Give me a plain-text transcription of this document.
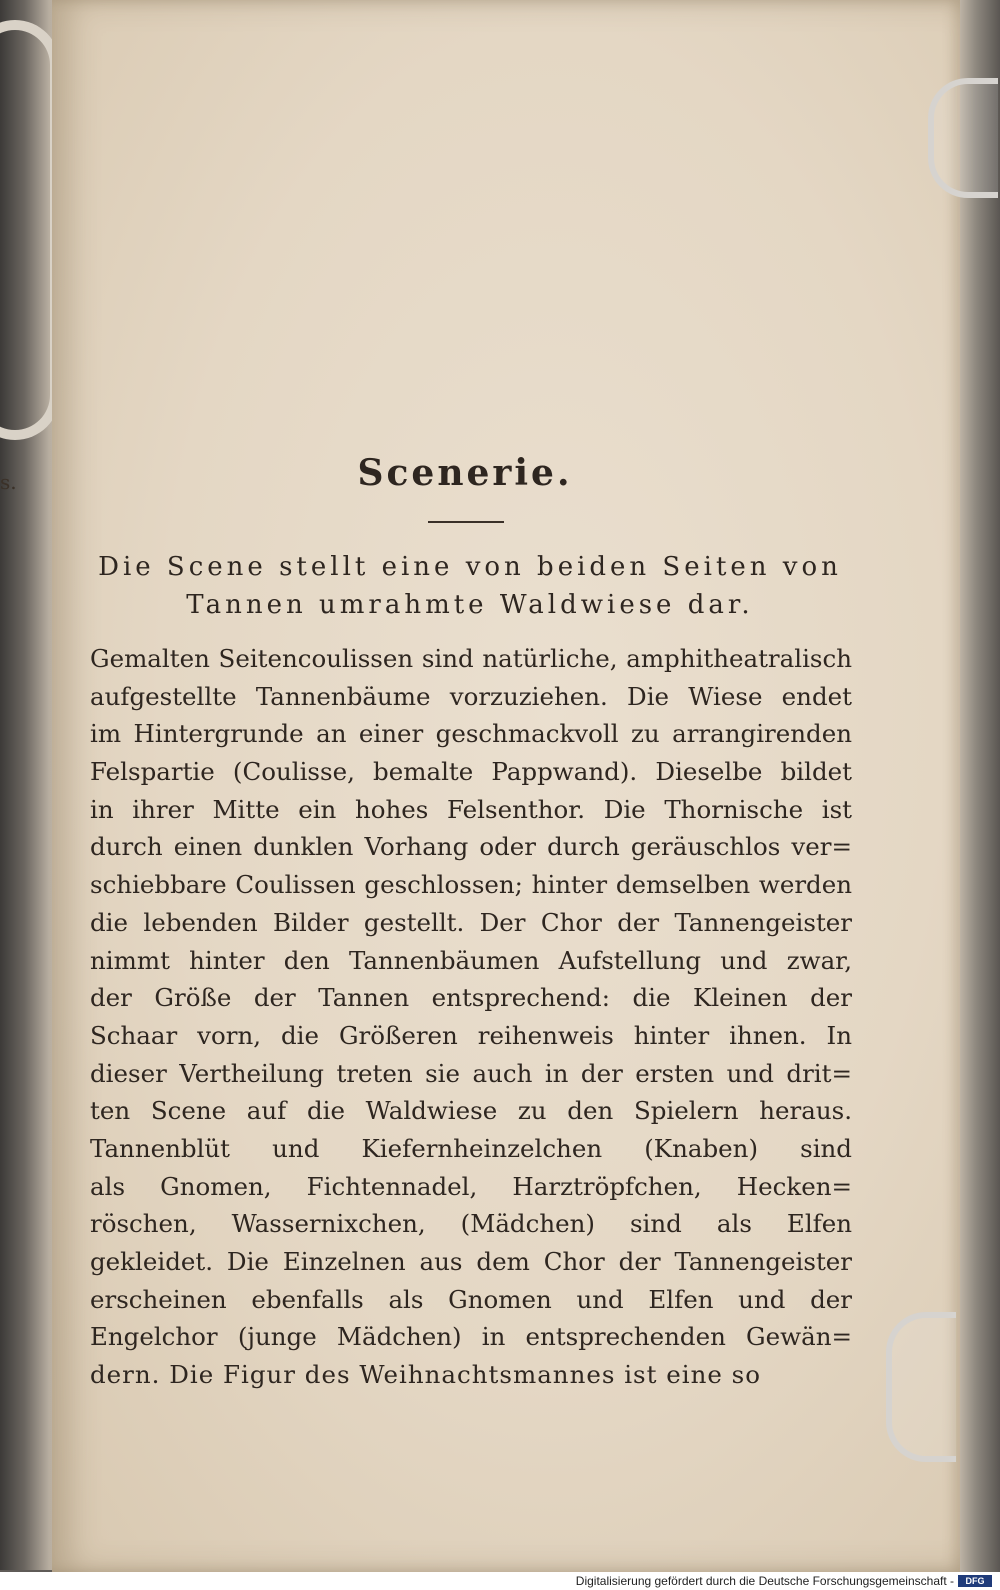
s.	Scenerie.
Die Scene stellt eine von beiden Seiten von
Tannen umrahmte Waldwiese dar.
Gemalten Seitencoulissen sind natürliche, amphitheatralisch
aufgestellte Tannenbäume vorzuziehen. Die Wiese endet
im Hintergrunde an einer geschmackvoll zu arrangirenden
Felspartie (Coulisse, bemalte Pappwand). Dieselbe bildet
in ihrer Mitte ein hohes Felsenthor. Die Thornische ist
durch einen dunklen Vorhang oder durch geräuschlos ver=
schiebbare Coulissen geschlossen; hinter demselben werden
die lebenden Bilder gestellt. Der Chor der Tannengeister
nimmt hinter den Tannenbäumen Aufstellung und zwar,
der Größe der Tannen entsprechend: die Kleinen der
Schaar vorn, die Größeren reihenweis hinter ihnen. In
dieser Vertheilung treten sie auch in der ersten und drit=
ten Scene auf die Waldwiese zu den Spielern heraus.
Tannenblüt und Kiefernheinzelchen (Knaben) sind
als Gnomen, Fichtennadel, Harztröpfchen, Hecken=
röschen, Wassernixchen, (Mädchen) sind als Elfen
gekleidet. Die Einzelnen aus dem Chor der Tannengeister
erscheinen ebenfalls als Gnomen und Elfen und der
Engelchor (junge Mädchen) in entsprechenden Gewän=
dern. Die Figur des Weihnachtsmannes ist eine so
Digitalisierung gefördert durch die Deutsche Forschungsgemeinschaft -	DFG
